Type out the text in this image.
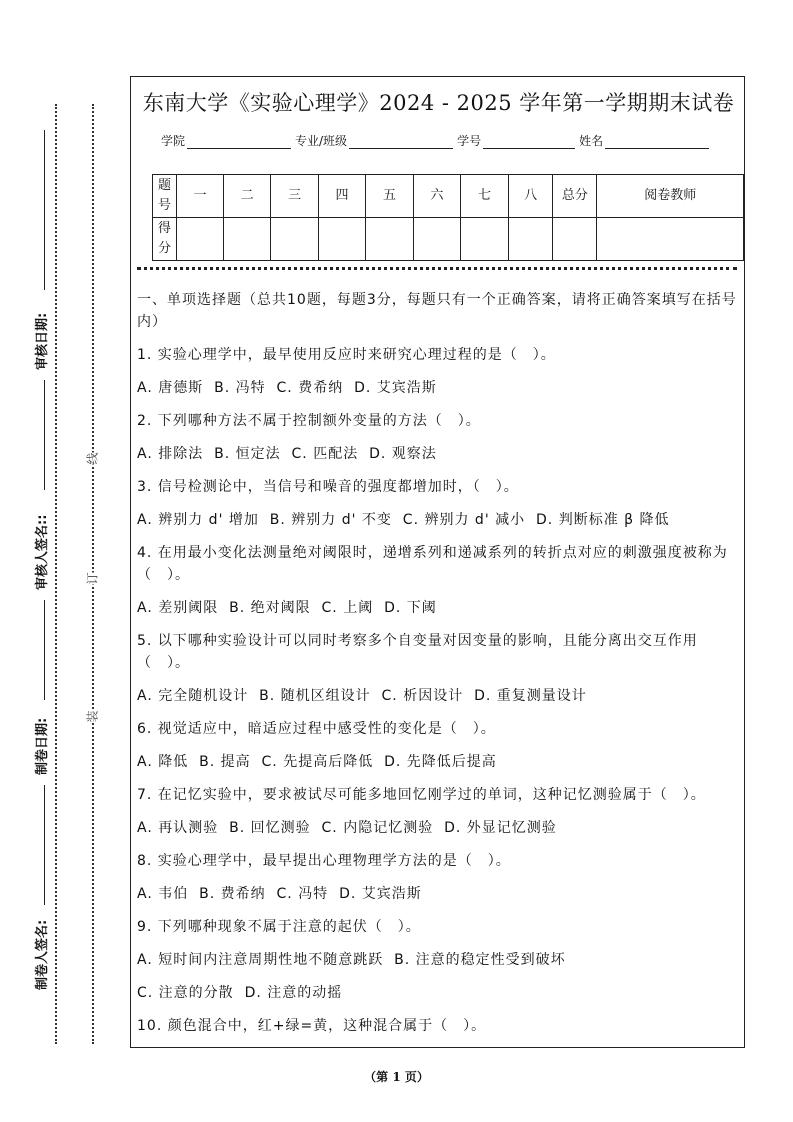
审核日期:
审核人签名::
制卷日期:
制卷人签名:
线
订
装
东南大学《实验心理学》2024 - 2025 学年第一学期期末试卷
学院	专业/班级	学号	姓名
题号	一	二	三	四	五	六	七	八	总分	阅卷教师
得分										

一、单项选择题（总共10题，每题3分，每题只有一个正确答案，请将正确答案填写在括号内）

1. 实验心理学中，最早使用反应时来研究心理过程的是（　）。

A. 唐德斯  B. 冯特  C. 费希纳  D. 艾宾浩斯

2. 下列哪种方法不属于控制额外变量的方法（　）。

A. 排除法  B. 恒定法  C. 匹配法  D. 观察法

3. 信号检测论中，当信号和噪音的强度都增加时，（　）。

A. 辨别力 d' 增加  B. 辨别力 d' 不变  C. 辨别力 d' 减小  D. 判断标准 β 降低

4. 在用最小变化法测量绝对阈限时，递增系列和递减系列的转折点对应的刺激强度被称为（　）。

A. 差别阈限  B. 绝对阈限  C. 上阈  D. 下阈

5. 以下哪种实验设计可以同时考察多个自变量对因变量的影响，且能分离出交互作用（　）。

A. 完全随机设计  B. 随机区组设计  C. 析因设计  D. 重复测量设计

6. 视觉适应中，暗适应过程中感受性的变化是（　）。

A. 降低  B. 提高  C. 先提高后降低  D. 先降低后提高

7. 在记忆实验中，要求被试尽可能多地回忆刚学过的单词，这种记忆测验属于（　）。

A. 再认测验  B. 回忆测验  C. 内隐记忆测验  D. 外显记忆测验

8. 实验心理学中，最早提出心理物理学方法的是（　）。

A. 韦伯  B. 费希纳  C. 冯特  D. 艾宾浩斯

9. 下列哪种现象不属于注意的起伏（　）。

A. 短时间内注意周期性地不随意跳跃  B. 注意的稳定性受到破坏

C. 注意的分散  D. 注意的动摇

10. 颜色混合中，红+绿=黄，这种混合属于（　）。

（第 1 页）
